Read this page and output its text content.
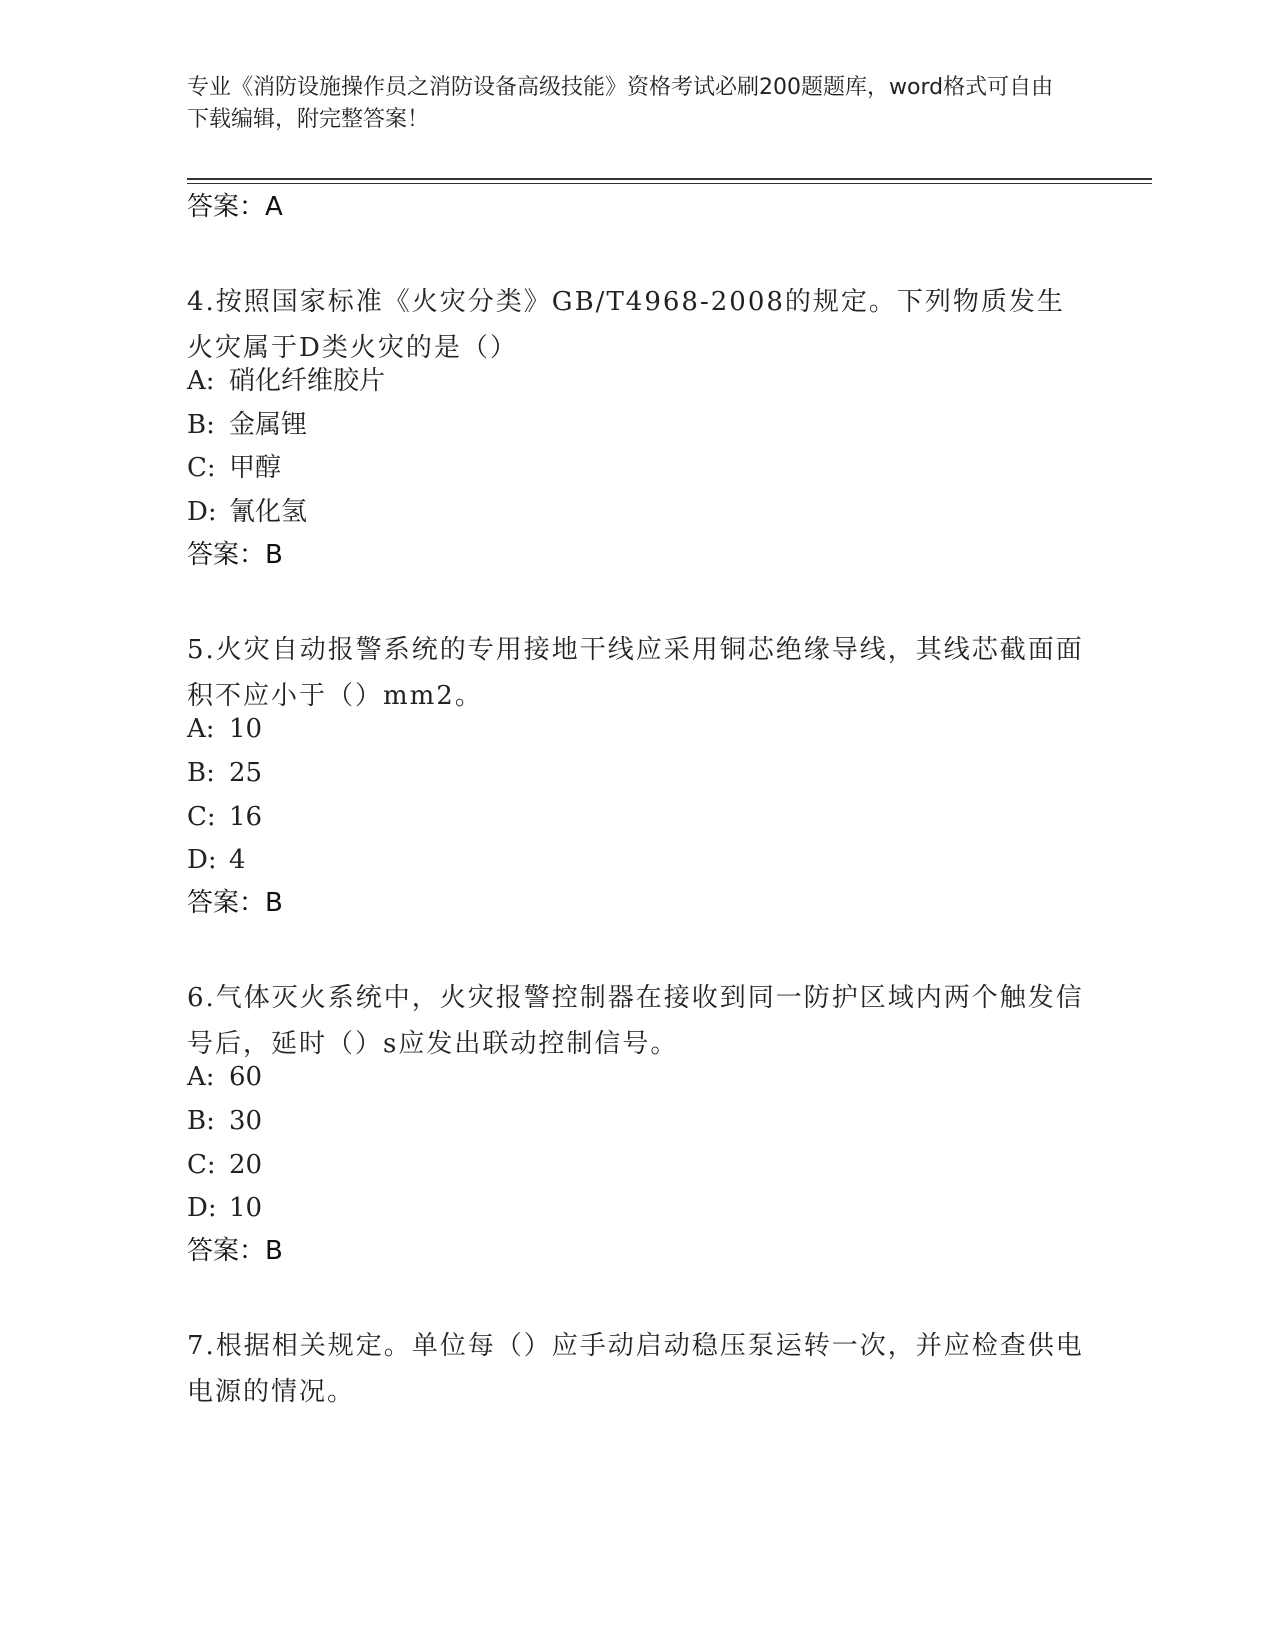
专业《消防设施操作员之消防设备高级技能》资格考试必刷200题题库，word格式可自由下载编辑，附完整答案！
答案：A
4.按照国家标准《火灾分类》GB/T4968-2008的规定。下列物质发生火灾属于D类火灾的是（）
A: 硝化纤维胶片
B: 金属锂
C: 甲醇
D: 氰化氢
答案：B
5.火灾自动报警系统的专用接地干线应采用铜芯绝缘导线，其线芯截面面积不应小于（）mm2。
A: 10
B: 25
C: 16
D: 4
答案：B
6.气体灭火系统中，火灾报警控制器在接收到同一防护区域内两个触发信号后，延时（）s应发出联动控制信号。
A: 60
B: 30
C: 20
D: 10
答案：B
7.根据相关规定。单位每（）应手动启动稳压泵运转一次，并应检查供电电源的情况。
